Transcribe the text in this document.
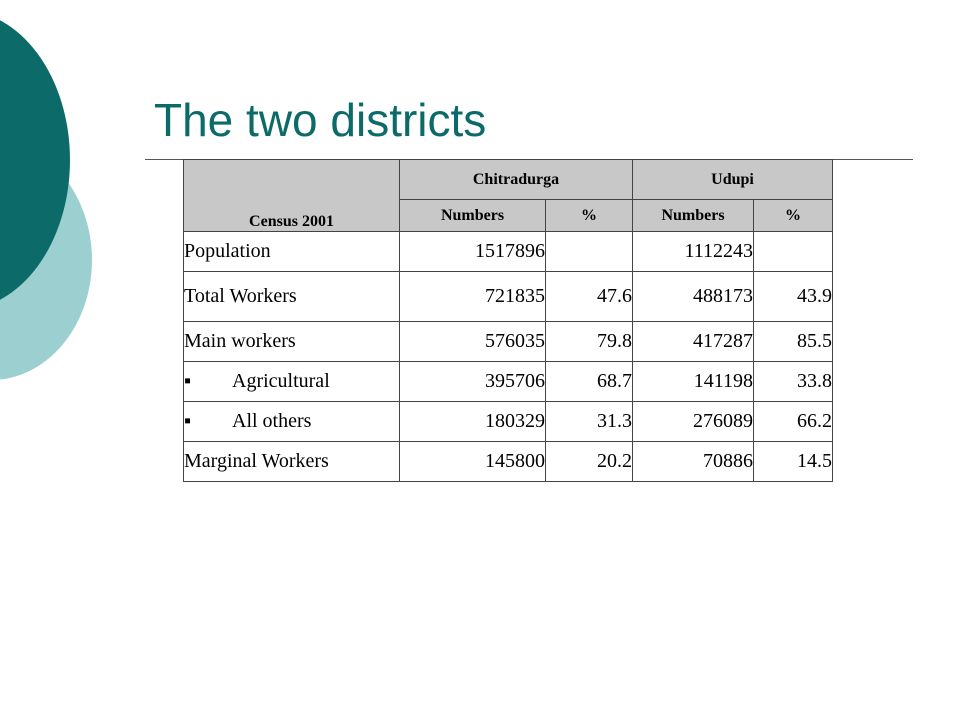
The two districts
Census 2001	Chitradurga		Udupi	
	Numbers	%	Numbers	%
Population	1517896		1112243	
Total Workers	721835	47.6	488173	43.9
Main workers	576035	79.8	417287	85.5
▪ Agricultural	395706	68.7	141198	33.8
▪ All others	180329	31.3	276089	66.2
Marginal Workers	145800	20.2	70886	14.5
